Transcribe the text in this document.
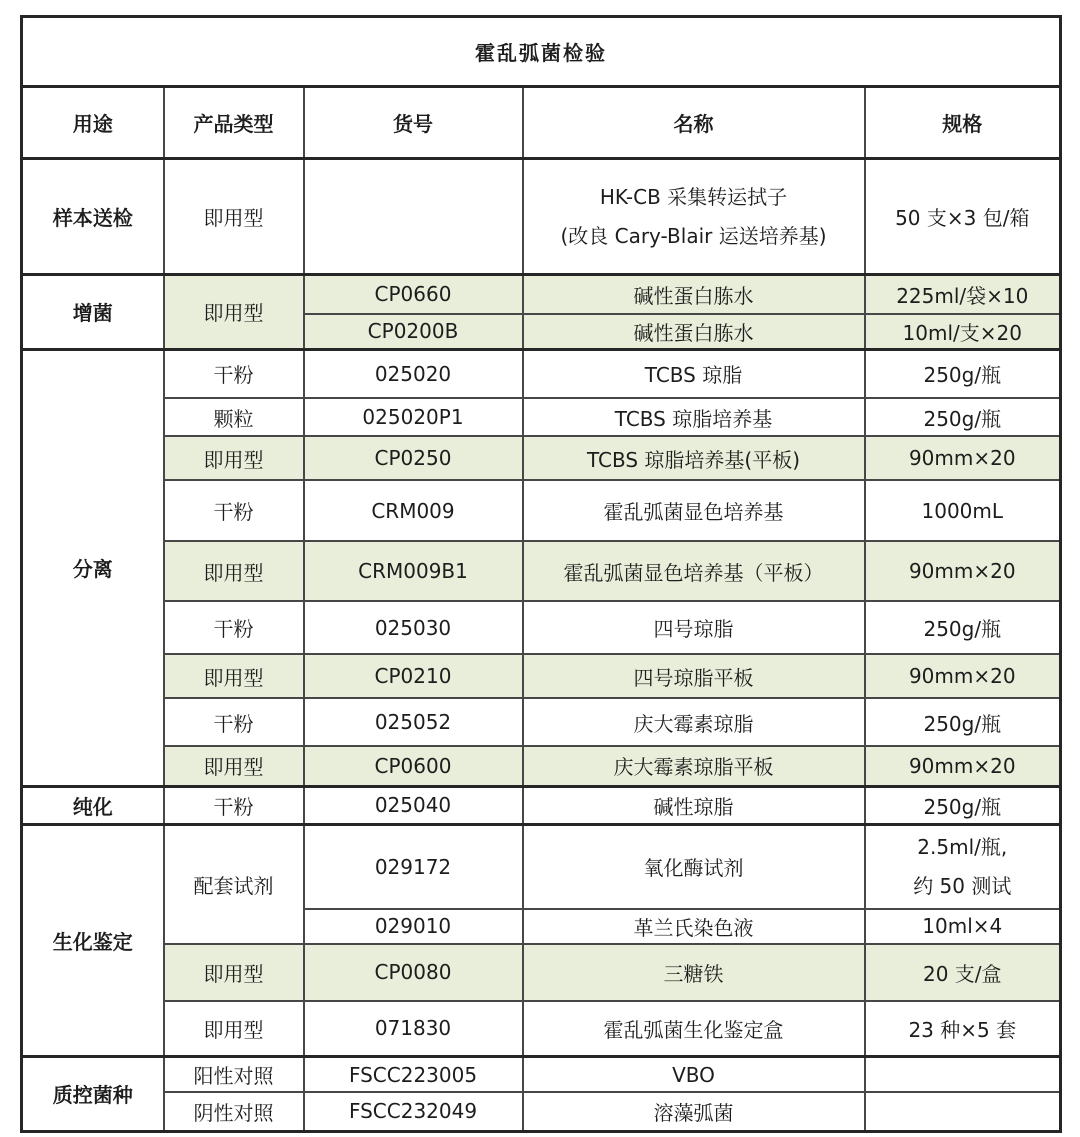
霍乱弧菌检验				
用途	产品类型	货号	名称	规格
样本送检	即用型		HK-CB 采集转运拭子
(改良 Cary-Blair 运送培养基)	50 支×3 包/箱
增菌	即用型	CP0660	碱性蛋白胨水	225ml/袋×10
		CP0200B	碱性蛋白胨水	10ml/支×20
分离	干粉	025020	TCBS 琼脂	250g/瓶
	颗粒	025020P1	TCBS 琼脂培养基	250g/瓶
	即用型	CP0250	TCBS 琼脂培养基(平板)	90mm×20
	干粉	CRM009	霍乱弧菌显色培养基	1000mL
	即用型	CRM009B1	霍乱弧菌显色培养基（平板）	90mm×20
	干粉	025030	四号琼脂	250g/瓶
	即用型	CP0210	四号琼脂平板	90mm×20
	干粉	025052	庆大霉素琼脂	250g/瓶
	即用型	CP0600	庆大霉素琼脂平板	90mm×20
纯化	干粉	025040	碱性琼脂	250g/瓶
生化鉴定	配套试剂	029172	氧化酶试剂	2.5ml/瓶,
约 50 测试

		029010	革兰氏染色液	10ml×4
	即用型	CP0080	三糖铁	20 支/盒
	即用型	071830	霍乱弧菌生化鉴定盒	23 种×5 套
质控菌种	阳性对照	FSCC223005	VBO	
	阴性对照	FSCC232049	溶藻弧菌	
